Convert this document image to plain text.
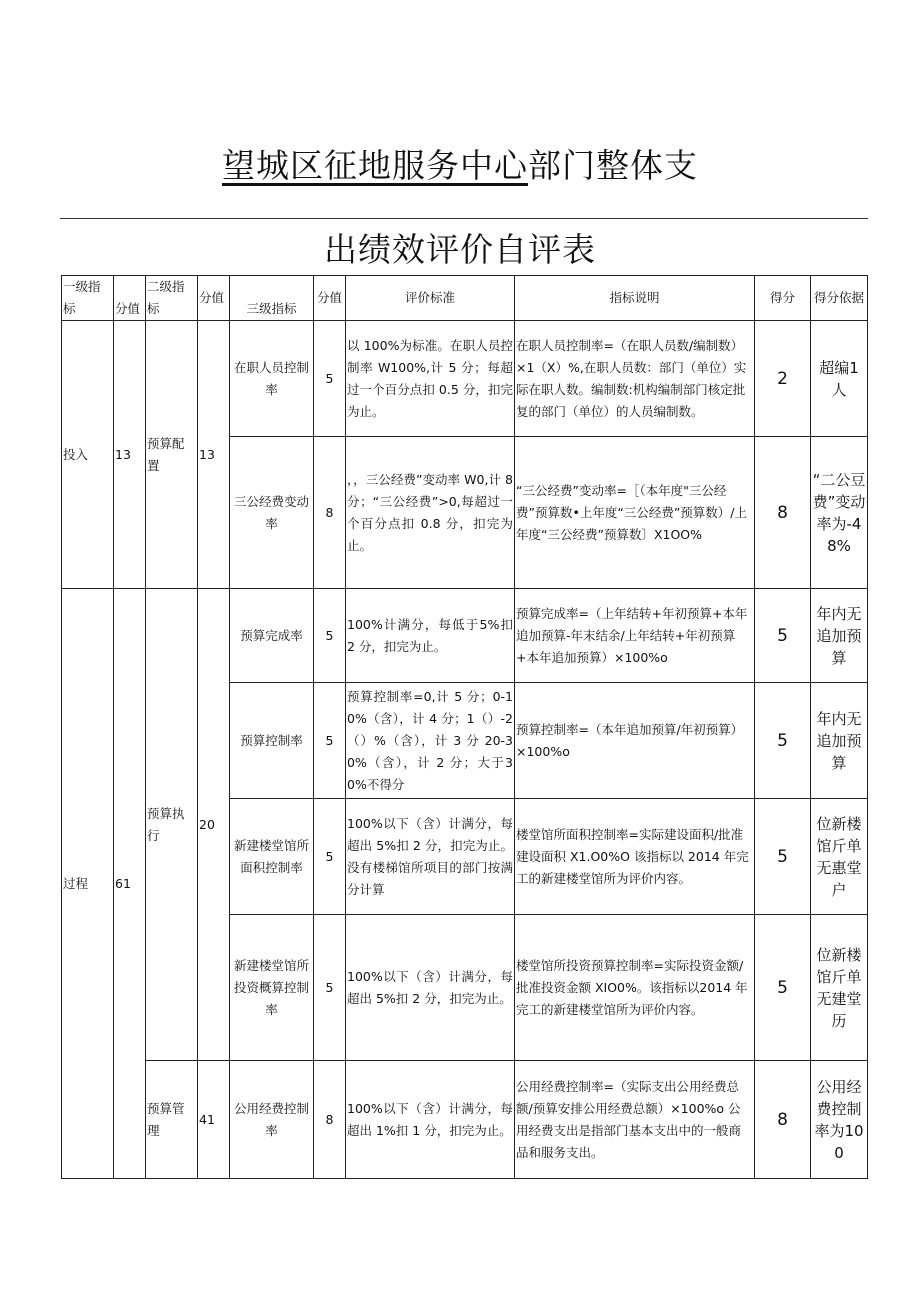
望城区征地服务中心部门整体支
出绩效评价自评表
一级指标	分值	二级指标	分值	三级指标	分值	评价标准	指标说明	得分	得分依据
投入	13	预算配置	13	在职人员控制率	5	以 100%为标准。在职人员控制率 W100%,计 5 分；每超过一个百分点扣 0.5 分，扣完为止。	在职人员控制率=（在职人员数/编制数）×1（X）%,在职人员数：部门（单位）实际在职人数。编制数:机构编制部门核定批复的部门（单位）的人员编制数。	2	超编1人
				三公经费变动率	8	，，三公经费”变动率 W0,计 8 分；“三公经费”>0,每超过一个百分点扣 0.8 分，扣完为止。	“三公经费”变动率=［（本年度"三公经费”预算数•上年度“三公经费”预算数）/上年度“三公经费”预算数〕X1OO%	8	“二公豆费”变动率为-48%
过程	61	预算执行	20	预算完成率	5	100%计满分，每低于5%扣 2 分，扣完为止。	预算完成率=（上年结转+年初预算+本年追加预算-年末结余/上年结转+年初预算+本年追加预算）×100%o	5	年内无追加预算
				预算控制率	5	预算控制率=0,计 5 分；0-10%（含），计 4 分；1（）-2（）%（含），计 3 分 20-30%（含），计 2 分；大于30%不得分	预算控制率=（本年追加预算/年初预算）×100%o	5	年内无追加预算
				新建楼堂馆所面积控制率	5	100%以下（含）计满分，每超出 5%扣 2 分，扣完为止。没有楼梯馆所项目的部门按满分计算	楼堂馆所面积控制率=实际建设面积/批准建设面积 X1.O0%O 该指标以 2014 年完工的新建楼堂馆所为评价内容。	5	位新楼馆斤单无惠堂户
				新建楼堂馆所投资概算控制率	5	100%以下（含）计满分，每超出 5%扣 2 分，扣完为止。	楼堂馆所投资预算控制率=实际投资金额/批准投资金额 XIO0%。该指标以2014 年完工的新建楼堂馆所为评价内容。	5	位新楼馆斤单无建堂历
		预算管理	41	公用经费控制率	8	100%以下（含）计满分，每超出 1%扣 1 分，扣完为止。	公用经费控制率=（实际支出公用经费总额/预算安排公用经费总额）×100%o 公用经费支出是指部门基本支出中的一般商品和服务支出。	8	公用经费控制率为100
